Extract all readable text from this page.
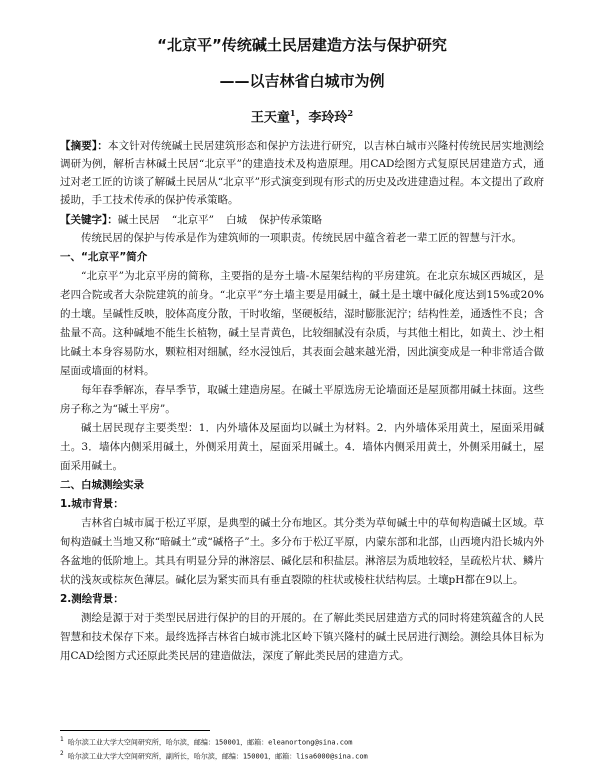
“北京平”传统碱土民居建造方法与保护研究
——以吉林省白城市为例
王天童$^1$，李玲玲$^2$

【摘要】：本文针对传统碱土民居建筑形态和保护方法进行研究，以吉林白城市兴隆村传统民居实地测绘调研为例，解析吉林碱土民居“北京平”的建造技术及构造原理。用CAD绘图方式复原民居建造方式，通过对老工匠的访谈了解碱土民居从“北京平”形式演变到现有形式的历史及改进建造过程。本文提出了政府援助，手工技术传承的保护传承策略。

【关键字】：碱土民居 “北京平” 白城 保护传承策略

传统民居的保护与传承是作为建筑师的一项职责。传统民居中蕴含着老一辈工匠的智慧与汗水。

一、“北京平”简介

“北京平”为北京平房的简称，主要指的是夯土墙-木屋架结构的平房建筑。在北京东城区西城区，是老四合院或者大杂院建筑的前身。“北京平”夯土墙主要是用碱土，碱土是土壤中碱化度达到15%或20%的土壤。呈碱性反映，胶体高度分散，干时收缩，坚硬板结，湿时膨胀泥泞；结构性差，通透性不良；含盐量不高。这种碱地不能生长植物，碱土呈青黄色，比较细腻没有杂质，与其他土相比，如黄土、沙土相比碱土本身容易防水，颗粒相对细腻，经水浸蚀后，其表面会越来越光滑，因此演变成是一种非常适合做屋面或墙面的材料。

每年春季解冻，春旱季节，取碱土建造房屋。在碱土平原选房无论墙面还是屋顶都用碱土抹面。这些房子称之为“碱土平房”。

碱土居民现存主要类型：1．内外墙体及屋面均以碱土为材料。2．内外墙体采用黄土，屋面采用碱土。3．墙体内侧采用碱土，外侧采用黄土，屋面采用碱土。4．墙体内侧采用黄土，外侧采用碱土，屋面采用碱土。

二、白城测绘实录
1.城市背景：

吉林省白城市属于松辽平原，是典型的碱土分布地区。其分类为草甸碱土中的草甸构造碱土区域。草甸构造碱土当地又称“暗碱土”或“碱格子”土。多分布于松辽平原，内蒙东部和北部，山西境内沿长城内外各盆地的低阶地上。其具有明显分异的淋溶层、碱化层和积盐层。淋溶层为质地较轻，呈疏松片状、鳞片状的浅灰或棕灰色薄层。碱化层为紧实而具有垂直裂隙的柱状或棱柱状结构层。土壤pH都在9以上。

2.测绘背景：

测绘是源于对于类型民居进行保护的目的开展的。在了解此类民居建造方式的同时将建筑蕴含的人民智慧和技术保存下来。最终选择吉林省白城市洮北区岭下镇兴隆村的碱土民居进行测绘。测绘具体目标为用CAD绘图方式还原此类民居的建造做法，深度了解此类民居的建造方式。

$^1$ 哈尔滨工业大学大空间研究所，哈尔滨，邮编：150001，邮箱：eleanortong@sina.com
$^2$ 哈尔滨工业大学大空间研究所，副所长，哈尔滨，邮编：150001，邮箱：lisa6000@sina.com
